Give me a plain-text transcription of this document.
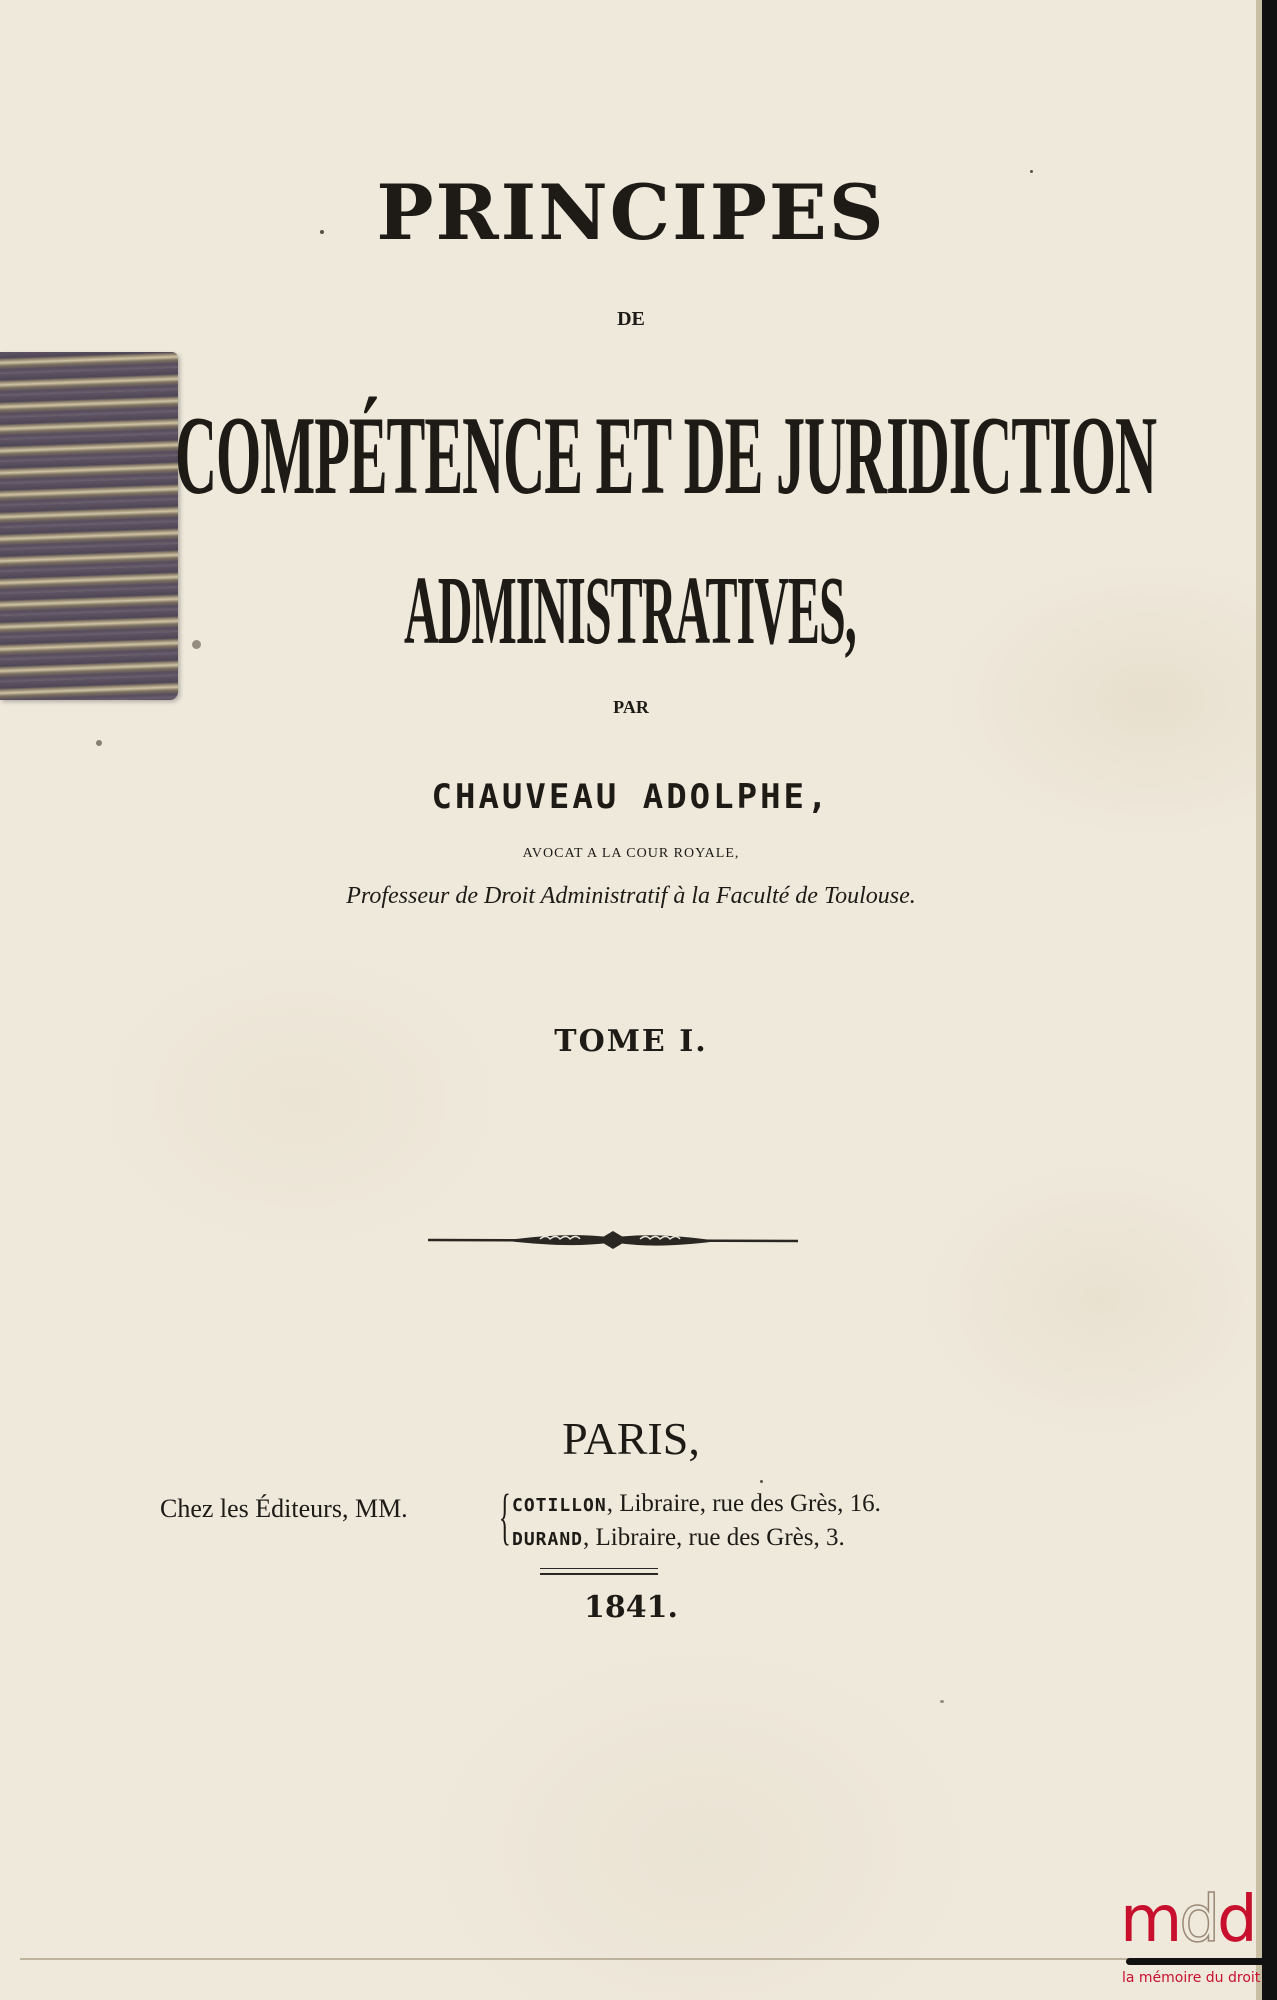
PRINCIPES
DE
COMPÉTENCE ET DE JURIDICTION
ADMINISTRATIVES,
PAR
CHAUVEAU ADOLPHE,
AVOCAT A LA COUR ROYALE,
Professeur de Droit Administratif à la Faculté de Toulouse.
TOME I.
PARIS,
Chez les Éditeurs, MM. { COTILLON, Libraire, rue des Grès, 16.
DURAND, Libraire, rue des Grès, 3.
1841.
mdd
la mémoire du droit
